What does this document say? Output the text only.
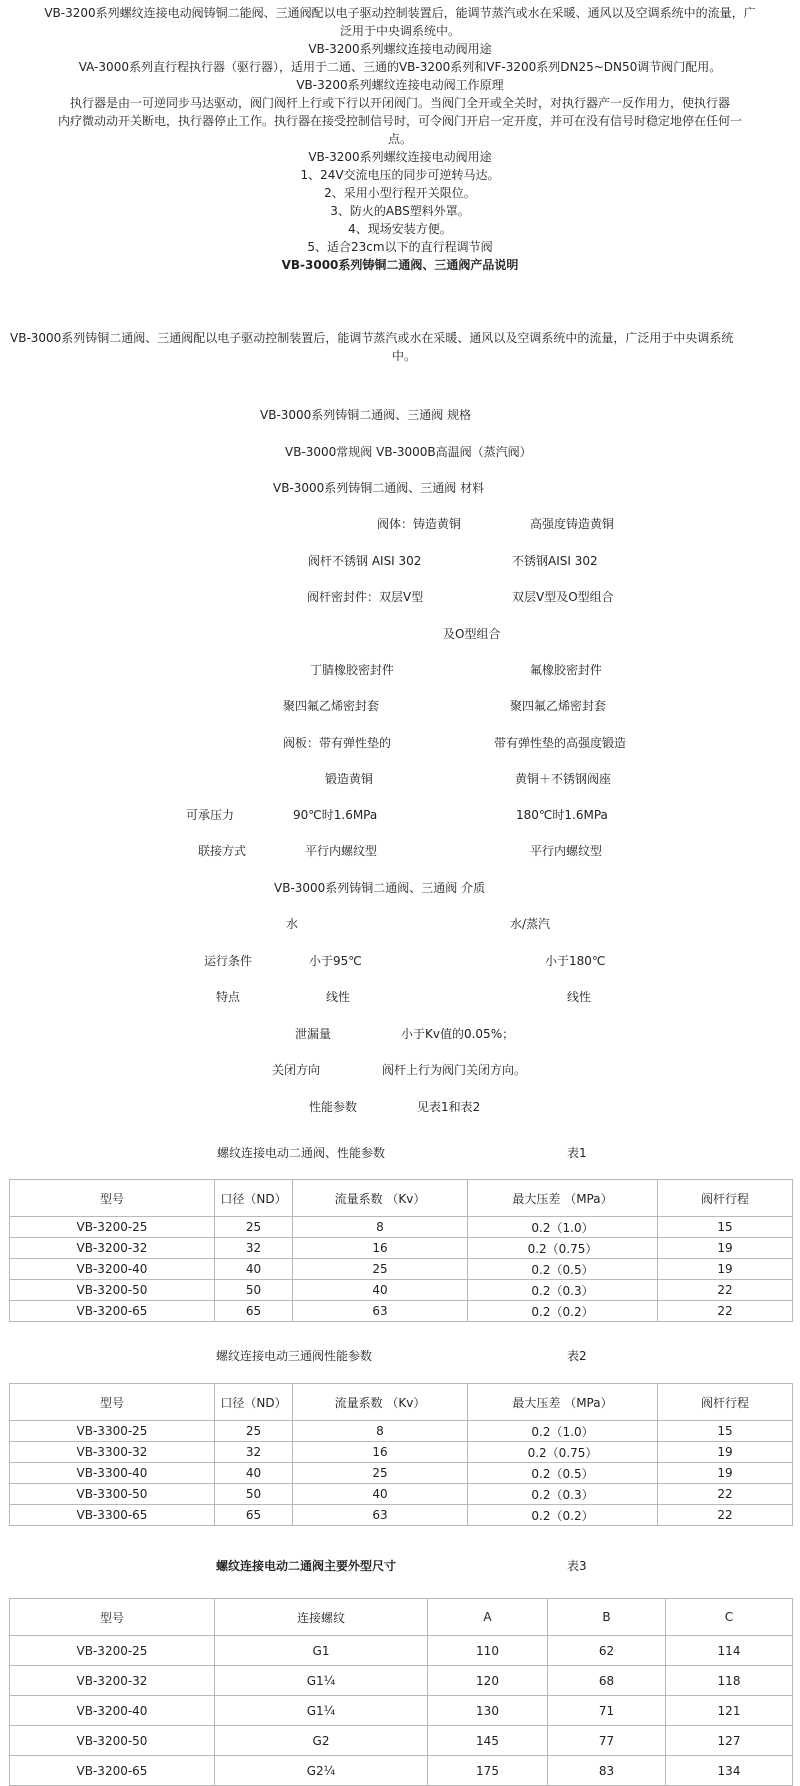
VB-3200系列螺纹连接电动阀铸铜二能阀、三通阀配以电子驱动控制装置后，能调节蒸汽或水在采暖、通风以及空调系统中的流量，广
泛用于中央调系统中。
VB-3200系列螺纹连接电动阀用途
VA-3000系列直行程执行器（驱行器），适用于二通、三通的VB-3200系列和VF-3200系列DN25~DN50调节阀门配用。
VB-3200系列螺纹连接电动阀工作原理
执行器是由一可逆同步马达驱动，阀门阀杆上行或下行以开闭阀门。当阀门全开或全关时，对执行器产一反作用力，使执行器
内疗微动动开关断电，执行器停止工作。执行器在接受控制信号时，可令阀门开启一定开度，并可在没有信号时稳定地停在任何一
点。
VB-3200系列螺纹连接电动阀用途
1、24V交流电压的同步可逆转马达。
2、采用小型行程开关限位。
3、防火的ABS塑料外罩。
4、现场安装方便。
5、适合23cm以下的直行程调节阀
VB-3000系列铸铜二通阀、三通阀产品说明
VB-3000系列铸铜二通阀、三通阀配以电子驱动控制装置后，能调节蒸汽或水在采暖、通风以及空调系统中的流量，广泛用于中央调系统
中。
VB-3000系列铸铜二通阀、三通阀 规格
VB-3000常规阀 VB-3000B高温阀（蒸汽阀）
VB-3000系列铸铜二通阀、三通阀 材料
阀体：铸造黄铜	高强度铸造黄铜
阀杆不锈钢 AISI 302	不锈钢AISI 302
阀杆密封件：双层V型	双层V型及O型组合
及O型组合
丁腈橡胶密封件	氟橡胶密封件
聚四氟乙烯密封套	聚四氟乙烯密封套
阀板：带有弹性垫的	带有弹性垫的高强度锻造
锻造黄铜	黄铜＋不锈钢阀座
可承压力	90℃时1.6MPa	180℃时1.6MPa
联接方式	平行内螺纹型	平行内螺纹型
VB-3000系列铸铜二通阀、三通阀 介质
水	水/蒸汽
运行条件	小于95℃	小于180℃
特点	线性	线性
泄漏量	小于Kv值的0.05%；
关闭方向	阀杆上行为阀门关闭方向。
性能参数	见表1和表2
螺纹连接电动二通阀、性能参数	表1
型号	口径（ND）	流量系数 （Kv）	最大压差 （MPa）	阀杆行程
VB-3200-25	25	8	0.2（1.0）	15
VB-3200-32	32	16	0.2（0.75）	19
VB-3200-40	40	25	0.2（0.5）	19
VB-3200-50	50	40	0.2（0.3）	22
VB-3200-65	65	63	0.2（0.2）	22
螺纹连接电动三通阀性能参数	表2
型号	口径（ND）	流量系数 （Kv）	最大压差 （MPa）	阀杆行程
VB-3300-25	25	8	0.2（1.0）	15
VB-3300-32	32	16	0.2（0.75）	19
VB-3300-40	40	25	0.2（0.5）	19
VB-3300-50	50	40	0.2（0.3）	22
VB-3300-65	65	63	0.2（0.2）	22
螺纹连接电动二通阀主要外型尺寸	表3
型号	连接螺纹	A	B	C
VB-3200-25	G1	110	62	114
VB-3200-32	G1¼	120	68	118
VB-3200-40	G1¼	130	71	121
VB-3200-50	G2	145	77	127
VB-3200-65	G2¼	175	83	134
